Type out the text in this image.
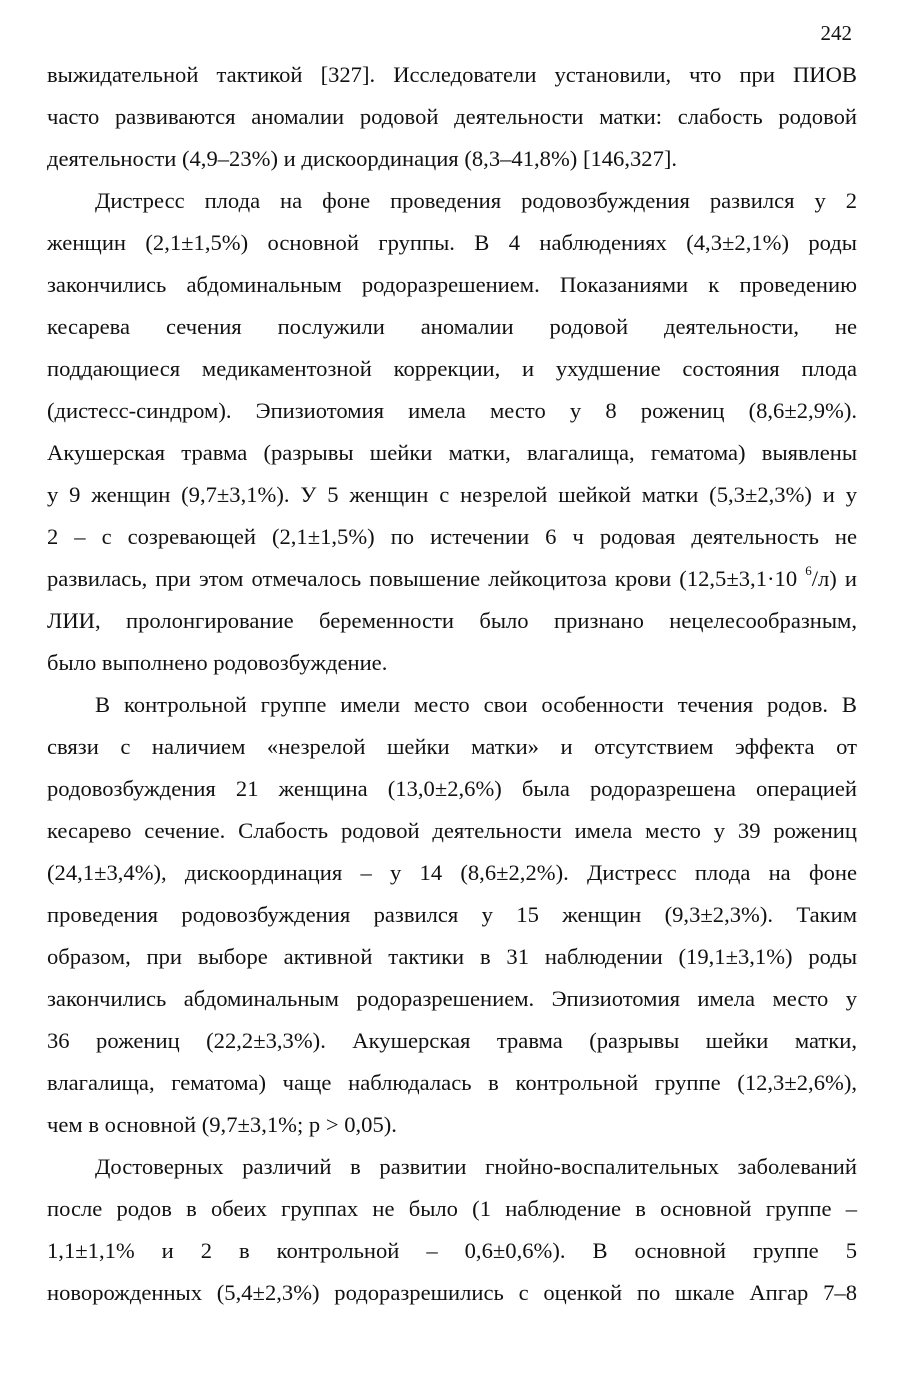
242
выжидательной тактикой [327]. Исследователи установили, что при ПИОВ
часто развиваются аномалии родовой деятельности матки: слабость родовой
деятельности (4,9–23%) и дискоординация (8,3–41,8%) [146,327].
Дистресс плода на фоне проведения родовозбуждения развился у 2
женщин (2,1±1,5%) основной группы. В 4 наблюдениях (4,3±2,1%) роды
закончились абдоминальным родоразрешением. Показаниями к проведению
кесарева сечения послужили аномалии родовой деятельности, не
поддающиеся медикаментозной коррекции, и ухудшение состояния плода
(дистесс-синдром). Эпизиотомия имела место у 8 рожениц (8,6±2,9%).
Акушерская травма (разрывы шейки матки, влагалища, гематома) выявлены
у 9 женщин (9,7±3,1%). У 5 женщин с незрелой шейкой матки (5,3±2,3%) и у
2 – с созревающей (2,1±1,5%) по истечении 6 ч родовая деятельность не
развилась, при этом отмечалось повышение лейкоцитоза крови (12,5±3,1·10 $^6$/л) и
ЛИИ, пролонгирование беременности было признано нецелесообразным,
было выполнено родовозбуждение.
В контрольной группе имели место свои особенности течения родов. В
связи с наличием «незрелой шейки матки» и отсутствием эффекта от
родовозбуждения 21 женщина (13,0±2,6%) была родоразрешена операцией
кесарево сечение. Слабость родовой деятельности имела место у 39 рожениц
(24,1±3,4%), дискоординация – у 14 (8,6±2,2%). Дистресс плода на фоне
проведения родовозбуждения развился у 15 женщин (9,3±2,3%). Таким
образом, при выборе активной тактики в 31 наблюдении (19,1±3,1%) роды
закончились абдоминальным родоразрешением. Эпизиотомия имела место у
36 рожениц (22,2±3,3%). Акушерская травма (разрывы шейки матки,
влагалища, гематома) чаще наблюдалась в контрольной группе (12,3±2,6%),
чем в основной (9,7±3,1%; p > 0,05).
Достоверных различий в развитии гнойно-воспалительных заболеваний
после родов в обеих группах не было (1 наблюдение в основной группе –
1,1±1,1% и 2 в контрольной – 0,6±0,6%). В основной группе 5
новорожденных (5,4±2,3%) родоразрешились с оценкой по шкале Апгар 7–8
